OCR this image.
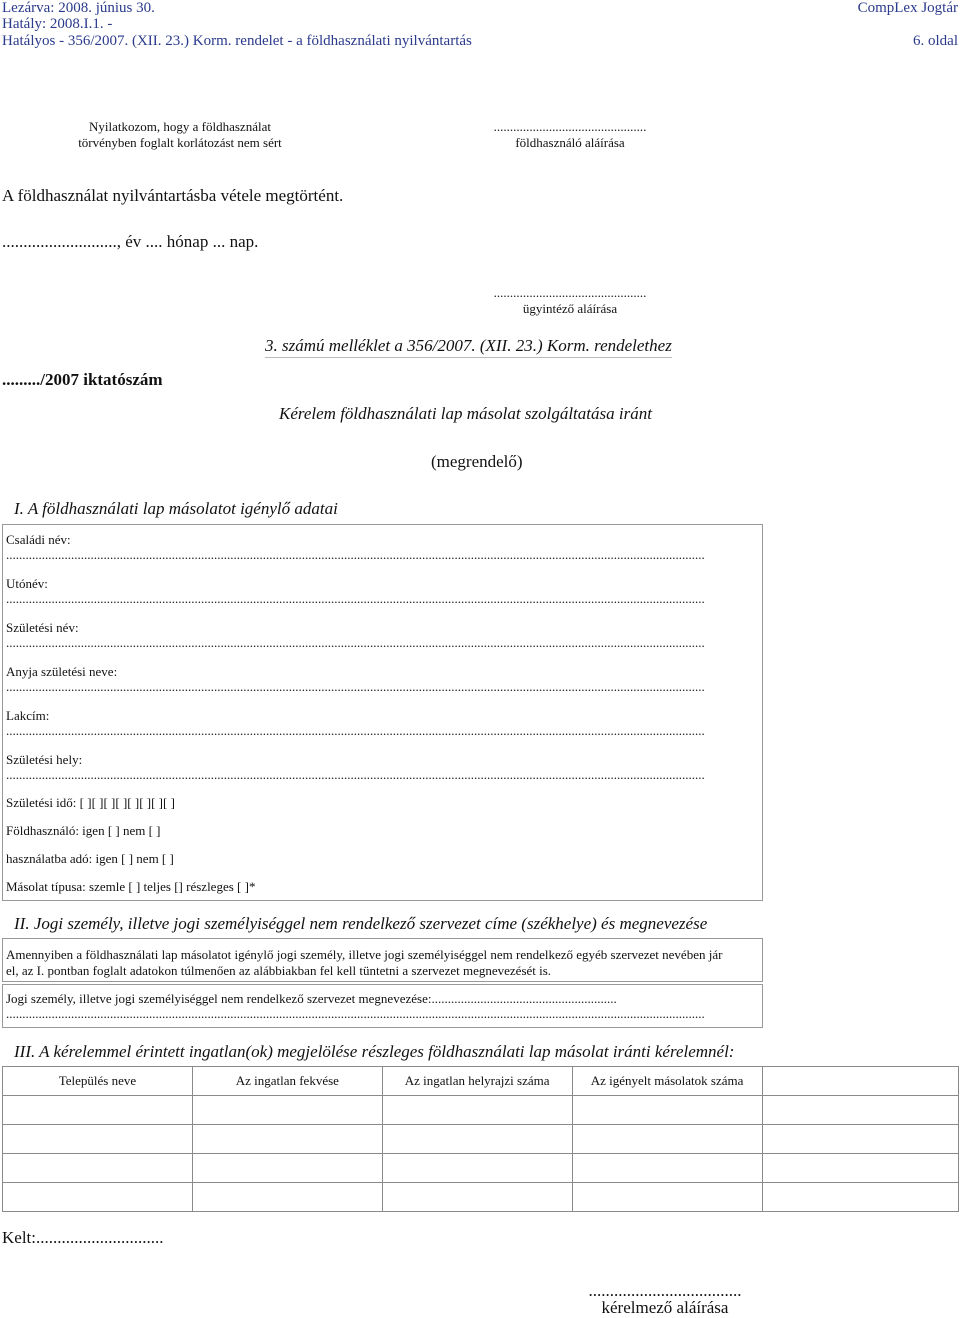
Lezárva: 2008. június 30.
Hatály: 2008.I.1. -
Hatályos - 356/2007. (XII. 23.) Korm. rendelet - a földhasználati nyilvántartás
CompLex Jogtár
6. oldal
Nyilatkozom, hogy a földhasználat
törvényben foglalt korlátozást nem sért
...............................................
földhasználó aláírása
A földhasználat nyilvántartásba vétele megtörtént.
..........................., év .... hónap ... nap.
...............................................
ügyintéző aláírása
........./2007 iktatószám
3. számú melléklet a 356/2007. (XII. 23.) Korm. rendelethez
Kérelem földhasználati lap másolat szolgáltatása iránt
(megrendelő)
I. A földhasználati lap másolatot igénylő adatai
Családi név:
.......................................................................................................................................................................................................................
Utónév:
.......................................................................................................................................................................................................................
Születési név:
.......................................................................................................................................................................................................................
Anyja születési neve:
.......................................................................................................................................................................................................................
Lakcím:
.......................................................................................................................................................................................................................
Születési hely:
.......................................................................................................................................................................................................................
Születési idő: [ ][ ][ ][ ][ ][ ][ ][ ]
Földhasználó: igen [ ] nem [ ]
használatba adó: igen [ ] nem [ ]
Másolat típusa: szemle [ ] teljes [] részleges [ ]*
II. Jogi személy, illetve jogi személyiséggel nem rendelkező szervezet címe (székhelye) és megnevezése
Amennyiben a földhasználati lap másolatot igénylő jogi személy, illetve jogi személyiséggel nem rendelkező egyéb szervezet nevében jár
el, az I. pontban foglalt adatokon túlmenően az alábbiakban fel kell tüntetni a szervezet megnevezését is.
Jogi személy, illetve jogi személyiséggel nem rendelkező szervezet megnevezése:.........................................................
.......................................................................................................................................................................................................................
III. A kérelemmel érintett ingatlan(ok) megjelölése részleges földhasználati lap másolat iránti kérelemnél:
Település neve	Az ingatlan fekvése	Az ingatlan helyrajzi száma	Az igényelt másolatok száma	

Kelt:..............................
....................................
kérelmező aláírása
